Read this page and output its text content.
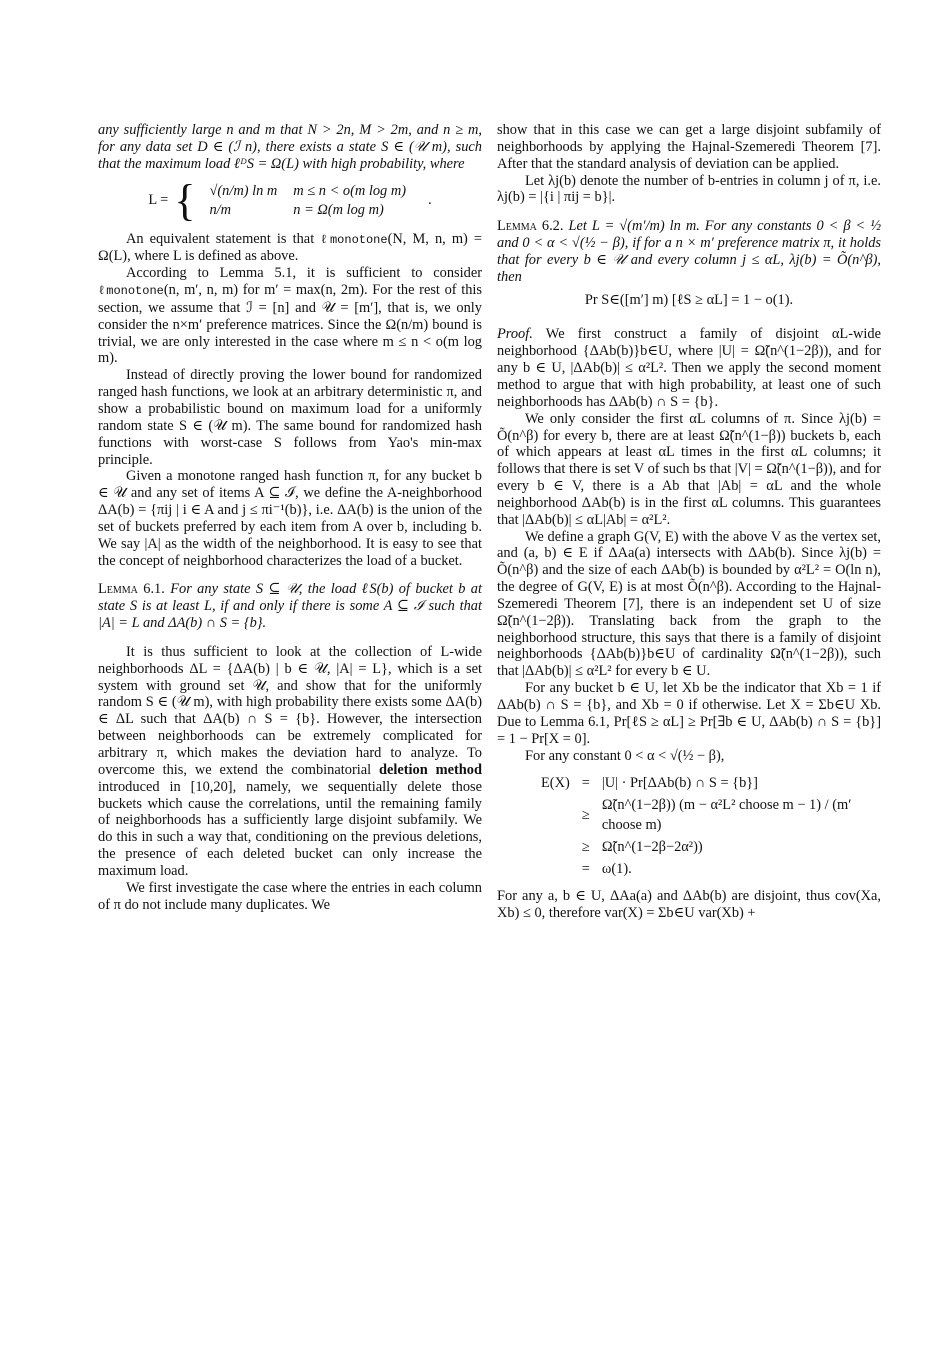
any sufficiently large n and m that N > 2n, M > 2m, and n ≥ m, for any data set D ∈ (ℐ n), there exists a state S ∈ (𝒰 m), such that the maximum load ℓᴰS = Ω(L) with high probability, where

L = { √(n/m) ln m	m ≤ n < o(m log m)
n/m	n = Ω(m log m)
.

An equivalent statement is that ℓmonotone(N, M, n, m) = Ω(L), where L is defined as above.

According to Lemma 5.1, it is sufficient to consider ℓmonotone(n, m′, n, m) for m′ = max(n, 2m). For the rest of this section, we assume that ℐ = [n] and 𝒰 = [m′], that is, we only consider the n×m′ preference matrices. Since the Ω(n/m) bound is trivial, we are only interested in the case where m ≤ n < o(m log m).

Instead of directly proving the lower bound for randomized ranged hash functions, we look at an arbitrary deterministic π, and show a probabilistic bound on maximum load for a uniformly random state S ∈ (𝒰 m). The same bound for randomized hash functions with worst-case S follows from Yao's min-max principle.

Given a monotone ranged hash function π, for any bucket b ∈ 𝒰 and any set of items A ⊆ ℐ, we define the A-neighborhood ΔA(b) = {πij | i ∈ A and j ≤ πi⁻¹(b)}, i.e. ΔA(b) is the union of the set of buckets preferred by each item from A over b, including b. We say |A| as the width of the neighborhood. It is easy to see that the concept of neighborhood characterizes the load of a bucket.

Lemma 6.1. For any state S ⊆ 𝒰, the load ℓS(b) of bucket b at state S is at least L, if and only if there is some A ⊆ ℐ such that |A| = L and ΔA(b) ∩ S = {b}.

It is thus sufficient to look at the collection of L-wide neighborhoods ΔL = {ΔA(b) | b ∈ 𝒰, |A| = L}, which is a set system with ground set 𝒰, and show that for the uniformly random S ∈ (𝒰 m), with high probability there exists some ΔA(b) ∈ ΔL such that ΔA(b) ∩ S = {b}. However, the intersection between neighborhoods can be extremely complicated for arbitrary π, which makes the deviation hard to analyze. To overcome this, we extend the combinatorial deletion method introduced in [10,20], namely, we sequentially delete those buckets which cause the correlations, until the remaining family of neighborhoods has a sufficiently large disjoint subfamily. We do this in such a way that, conditioning on the previous deletions, the presence of each deleted bucket can only increase the maximum load.

We first investigate the case where the entries in each column of π do not include many duplicates. We

show that in this case we can get a large disjoint subfamily of neighborhoods by applying the Hajnal-Szemeredi Theorem [7]. After that the standard analysis of deviation can be applied.

Let λj(b) denote the number of b-entries in column j of π, i.e. λj(b) = |{i | πij = b}|.

Lemma 6.2. Let L = √(m′/m) ln m. For any constants 0 < β < ½ and 0 < α < √(½ − β), if for a n × m′ preference matrix π, it holds that for every b ∈ 𝒰 and every column j ≤ αL, λj(b) = Õ(n^β), then

Pr S∈([m′] m) [ℓS ≥ αL] = 1 − o(1).

Proof. We first construct a family of disjoint αL-wide neighborhood {ΔAb(b)}b∈U, where |U| = Ω̃(n^(1−2β)), and for any b ∈ U, |ΔAb(b)| ≤ α²L². Then we apply the second moment method to argue that with high probability, at least one of such neighborhoods has ΔAb(b) ∩ S = {b}.

We only consider the first αL columns of π. Since λj(b) = Õ(n^β) for every b, there are at least Ω̃(n^(1−β)) buckets b, each of which appears at least αL times in the first αL columns; it follows that there is set V of such bs that |V| = Ω̃(n^(1−β)), and for every b ∈ V, there is a Ab that |Ab| = αL and the whole neighborhood ΔAb(b) is in the first αL columns. This guarantees that |ΔAb(b)| ≤ αL|Ab| = α²L².

We define a graph G(V, E) with the above V as the vertex set, and (a, b) ∈ E if ΔAa(a) intersects with ΔAb(b). Since λj(b) = Õ(n^β) and the size of each ΔAb(b) is bounded by α²L² = O(ln n), the degree of G(V, E) is at most Õ(n^β). According to the Hajnal-Szemeredi Theorem [7], there is an independent set U of size Ω̃(n^(1−2β)). Translating back from the graph to the neighborhood structure, this says that there is a family of disjoint neighborhoods {ΔAb(b)}b∈U of cardinality Ω̃(n^(1−2β)), such that |ΔAb(b)| ≤ α²L² for every b ∈ U.

For any bucket b ∈ U, let Xb be the indicator that Xb = 1 if ΔAb(b) ∩ S = {b}, and Xb = 0 if otherwise. Let X = Σb∈U Xb. Due to Lemma 6.1, Pr[ℓS ≥ αL] ≥ Pr[∃b ∈ U, ΔAb(b) ∩ S = {b}] = 1 − Pr[X = 0].

For any constant 0 < α < √(½ − β),

E(X)	=	|U| · Pr[ΔAb(b) ∩ S = {b}]
	≥	Ω̃(n^(1−2β)) (m − α²L² choose m − 1) / (m′ choose m)
	≥	Ω̃(n^(1−2β−2α²))
	=	ω(1).

For any a, b ∈ U, ΔAa(a) and ΔAb(b) are disjoint, thus cov(Xa, Xb) ≤ 0, therefore var(X) = Σb∈U var(Xb) +
